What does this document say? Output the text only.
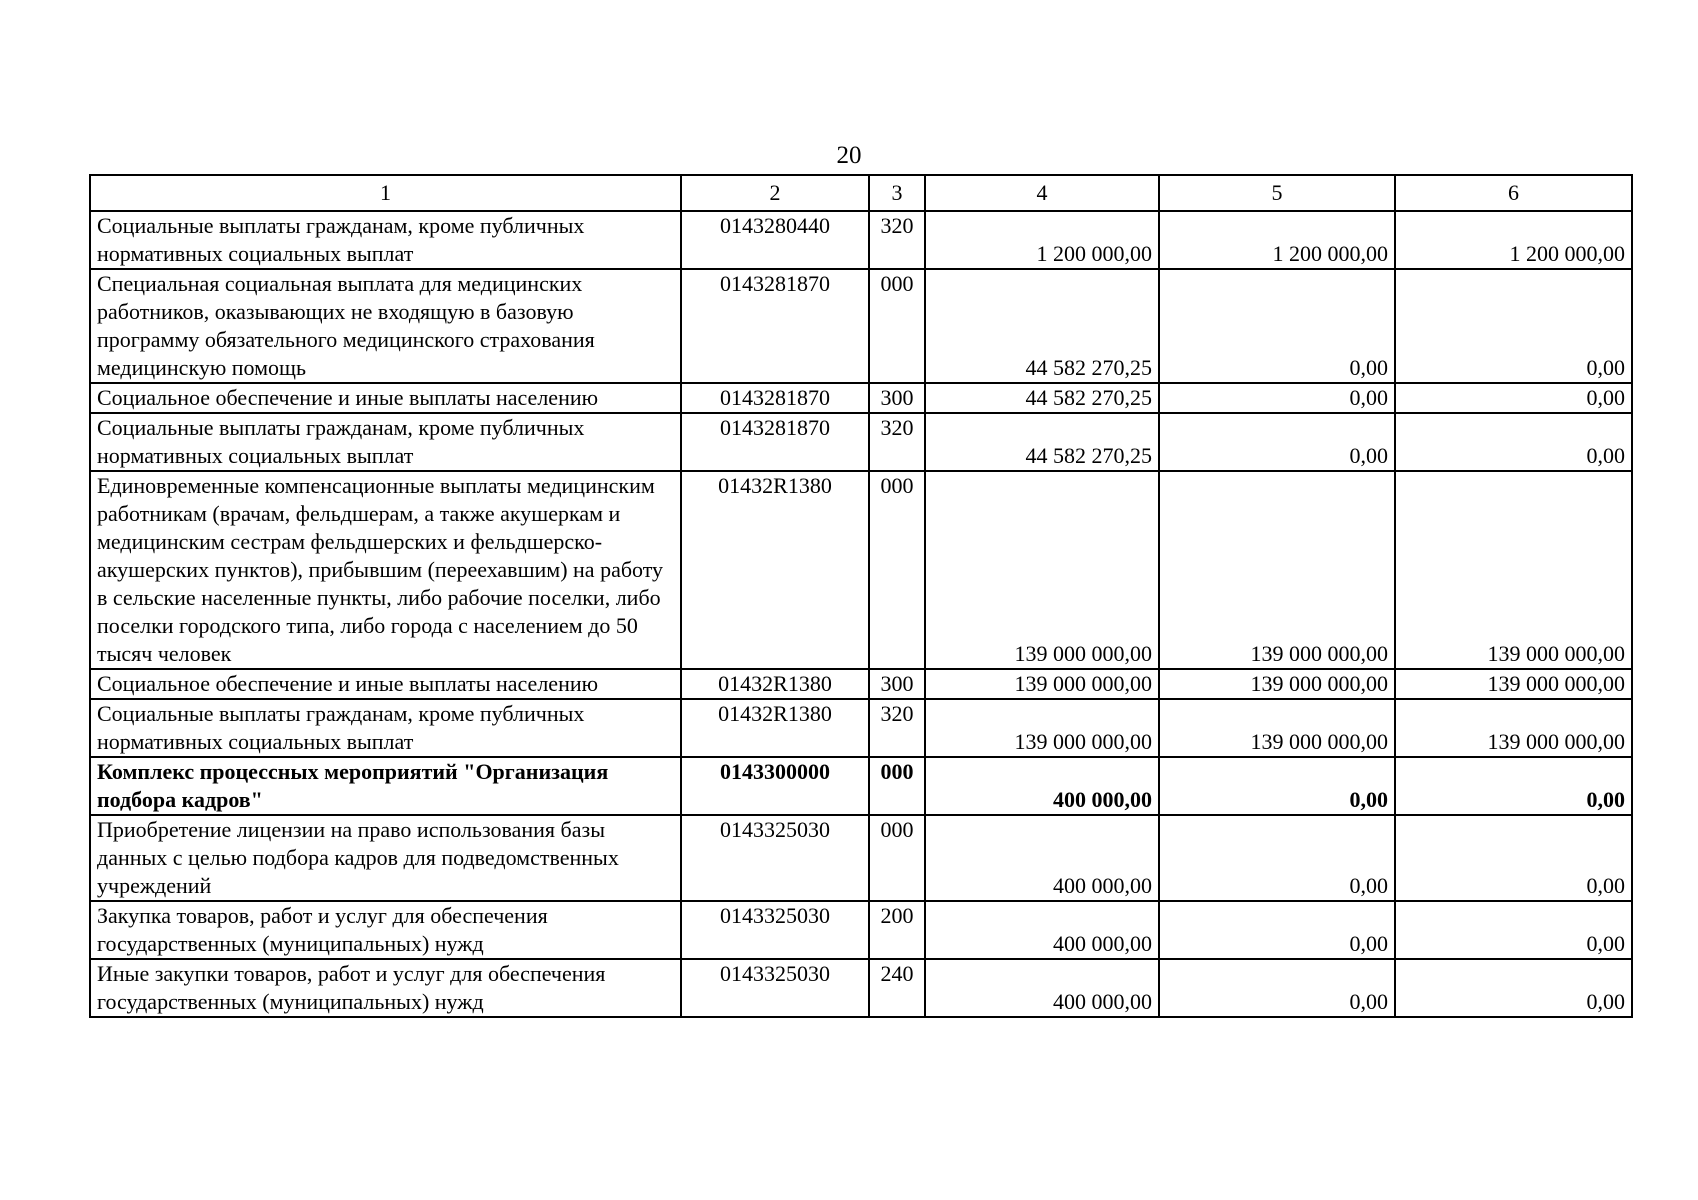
20
1	2	3	4	5	6
Социальные выплаты гражданам, кроме публичных нормативных социальных выплат	0143280440	320	1 200 000,00	1 200 000,00	1 200 000,00
Специальная социальная выплата для медицинских работников, оказывающих не входящую в базовую программу обязательного медицинского страхования медицинскую помощь	0143281870	000	44 582 270,25	0,00	0,00
Социальное обеспечение и иные выплаты населению	0143281870	300	44 582 270,25	0,00	0,00
Социальные выплаты гражданам, кроме публичных нормативных социальных выплат	0143281870	320	44 582 270,25	0,00	0,00
Единовременные компенсационные выплаты медицинским работникам (врачам, фельдшерам, а также акушеркам и медицинским сестрам фельдшерских и фельдшерско-акушерских пунктов), прибывшим (переехавшим) на работу в сельские населенные пункты, либо рабочие поселки, либо поселки городского типа, либо города с населением до 50 тысяч человек	01432R1380	000	139 000 000,00	139 000 000,00	139 000 000,00
Социальное обеспечение и иные выплаты населению	01432R1380	300	139 000 000,00	139 000 000,00	139 000 000,00
Социальные выплаты гражданам, кроме публичных нормативных социальных выплат	01432R1380	320	139 000 000,00	139 000 000,00	139 000 000,00
Комплекс процессных мероприятий "Организация подбора кадров"	0143300000	000	400 000,00	0,00	0,00
Приобретение лицензии на право использования базы данных с целью подбора кадров для подведомственных учреждений	0143325030	000	400 000,00	0,00	0,00
Закупка товаров, работ и услуг для обеспечения государственных (муниципальных) нужд	0143325030	200	400 000,00	0,00	0,00
Иные закупки товаров, работ и услуг для обеспечения государственных (муниципальных) нужд	0143325030	240	400 000,00	0,00	0,00
